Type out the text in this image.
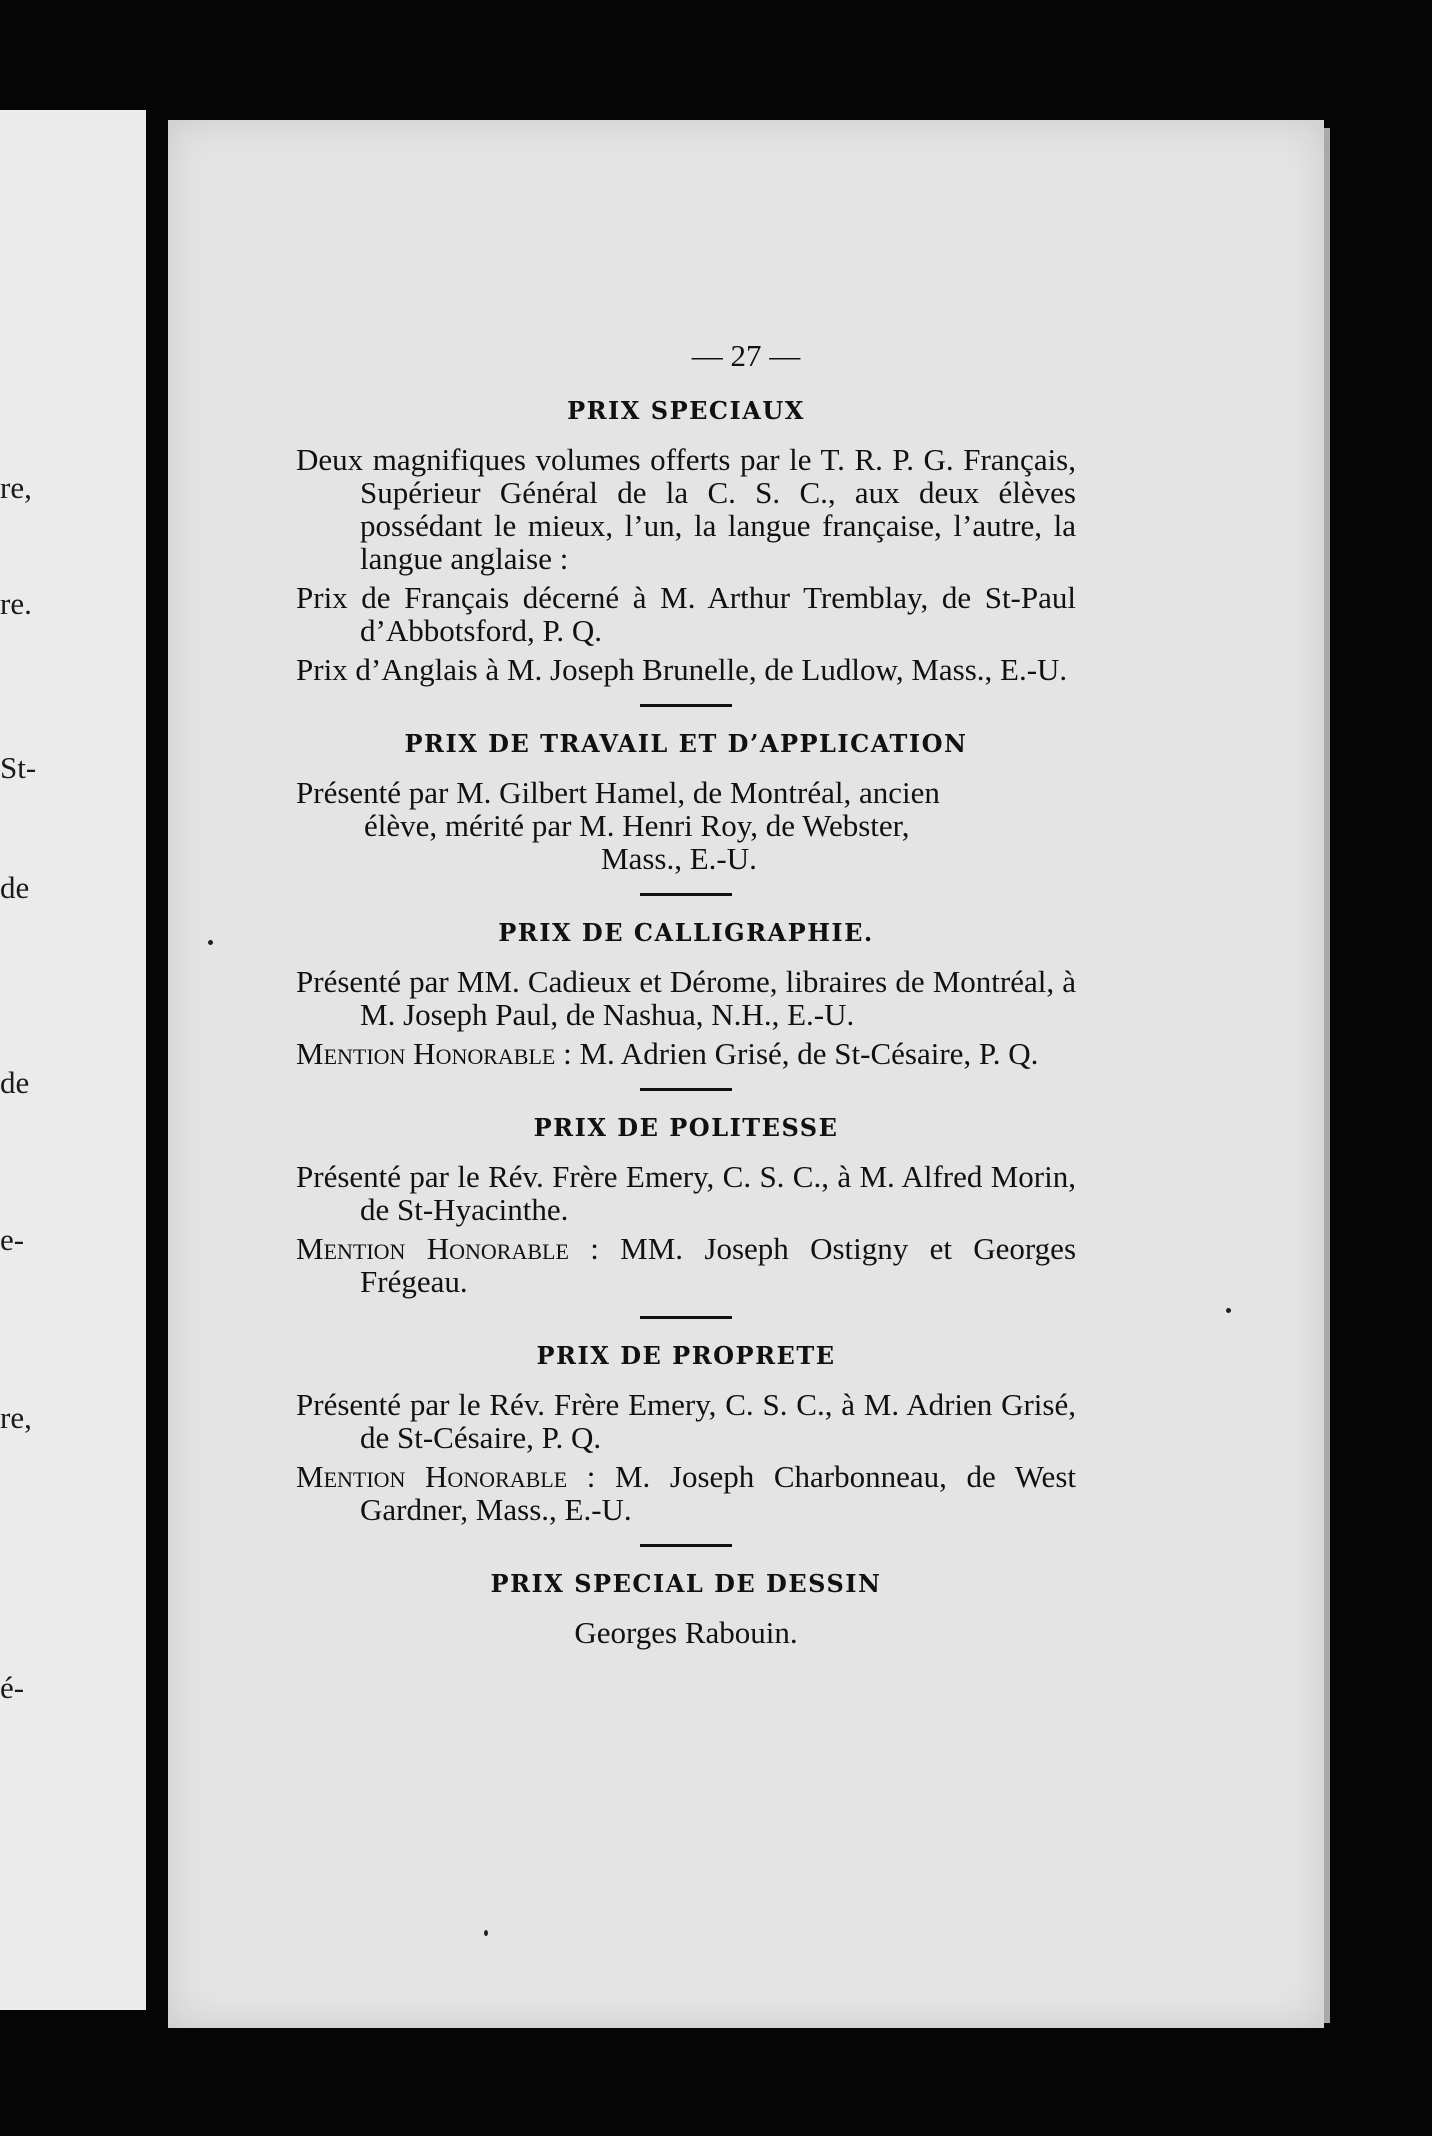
re,
re.
St-
de
de
e-
re,
é-
— 27 —
PRIX SPECIAUX

Deux magnifiques volumes offerts par le T. R. P. G. Français, Supérieur Général de la C. S. C., aux deux élèves possédant le mieux, l’un, la langue française, l’autre, la langue anglaise :

Prix de Français décerné à M. Arthur Tremblay, de St-Paul d’Abbotsford, P. Q.

Prix d’Anglais à M. Joseph Brunelle, de Ludlow, Mass., E.-U.

PRIX DE TRAVAIL ET D’APPLICATION

Présenté par M. Gilbert Hamel, de Montréal, ancien

élève, mérité par M. Henri Roy, de Webster,

Mass., E.-U.

PRIX DE CALLIGRAPHIE.

Présenté par MM. Cadieux et Dérome, libraires de Montréal, à M. Joseph Paul, de Nashua, N.H., E.-U.

Mention Honorable : M. Adrien Grisé, de St-Césaire, P. Q.

PRIX DE POLITESSE

Présenté par le Rév. Frère Emery, C. S. C., à M. Alfred Morin, de St-Hyacinthe.

Mention Honorable : MM. Joseph Ostigny et Georges Frégeau.

PRIX DE PROPRETE

Présenté par le Rév. Frère Emery, C. S. C., à M. Adrien Grisé, de St-Césaire, P. Q.

Mention Honorable : M. Joseph Charbonneau, de West Gardner, Mass., E.-U.

PRIX SPECIAL DE DESSIN

Georges Rabouin.
